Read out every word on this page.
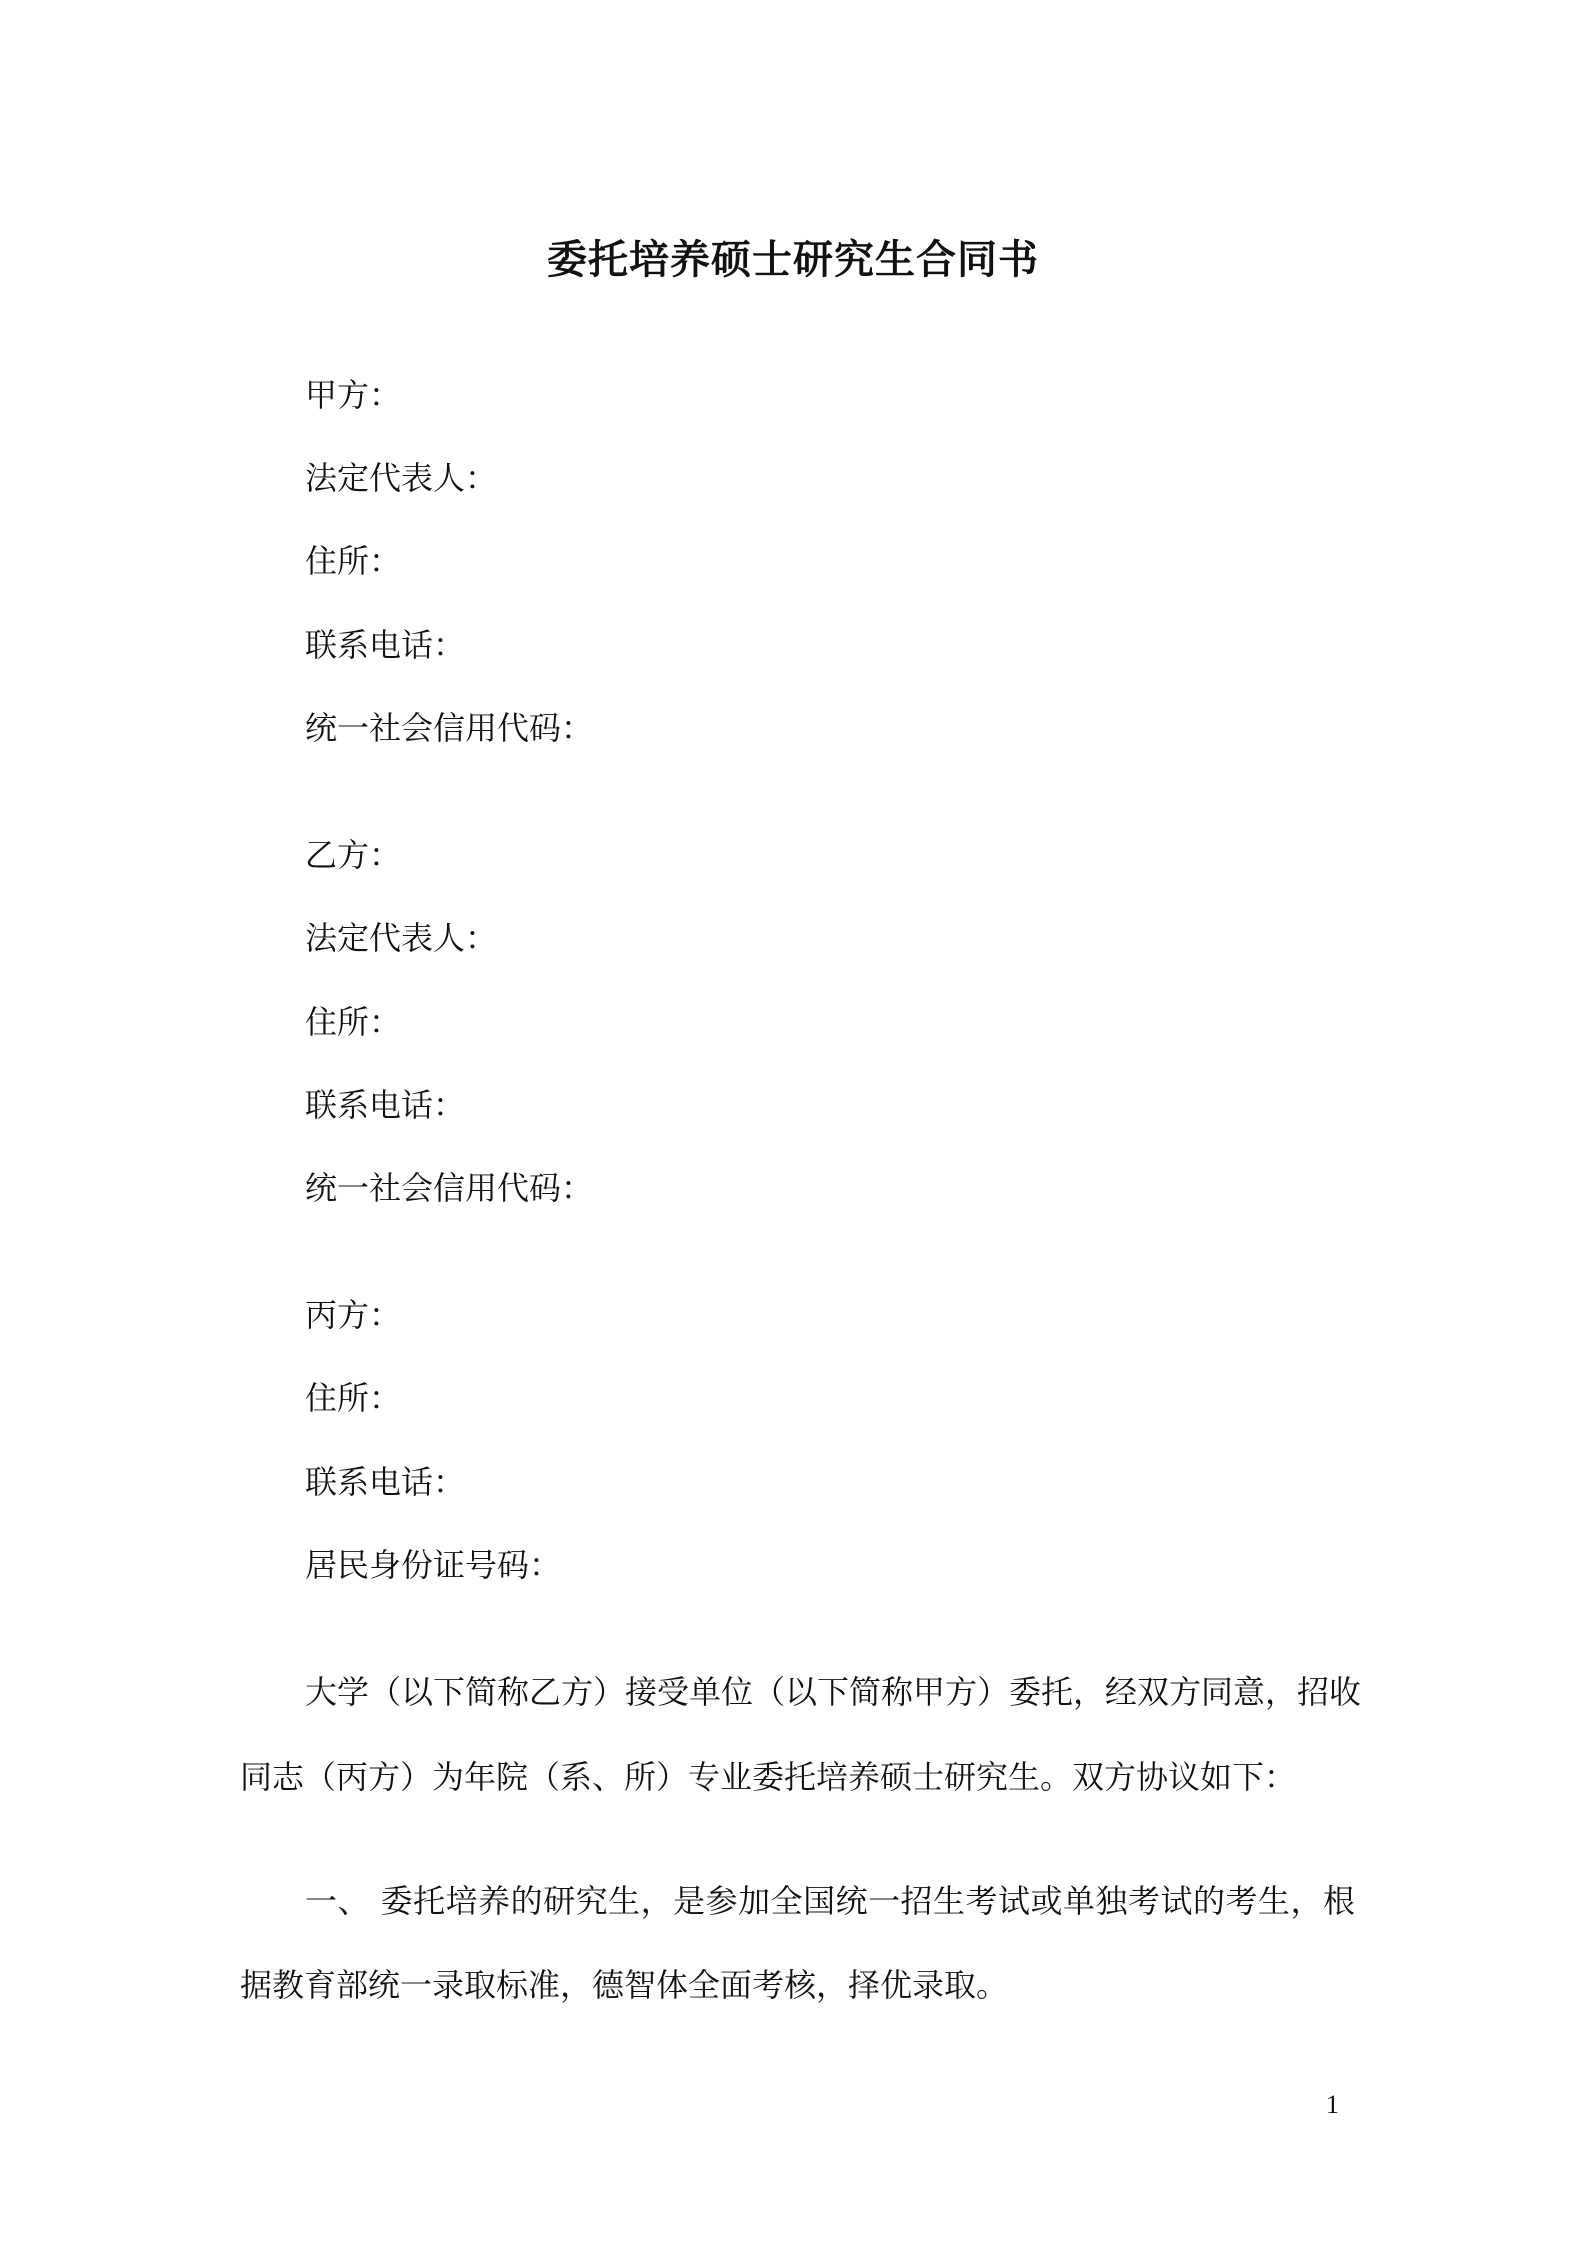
委托培养硕士研究生合同书
甲方：
法定代表人：
住所：
联系电话：
统一社会信用代码：
乙方：
法定代表人：
住所：
联系电话：
统一社会信用代码：
丙方：
住所：
联系电话：
居民身份证号码：
大学（以下简称乙方）接受单位（以下简称甲方）委托，经双方同意，招收
同志（丙方）为年院（系、所）专业委托培养硕士研究生。双方协议如下：
一、 委托培养的研究生，是参加全国统一招生考试或单独考试的考生，根
据教育部统一录取标准，德智体全面考核，择优录取。
1
